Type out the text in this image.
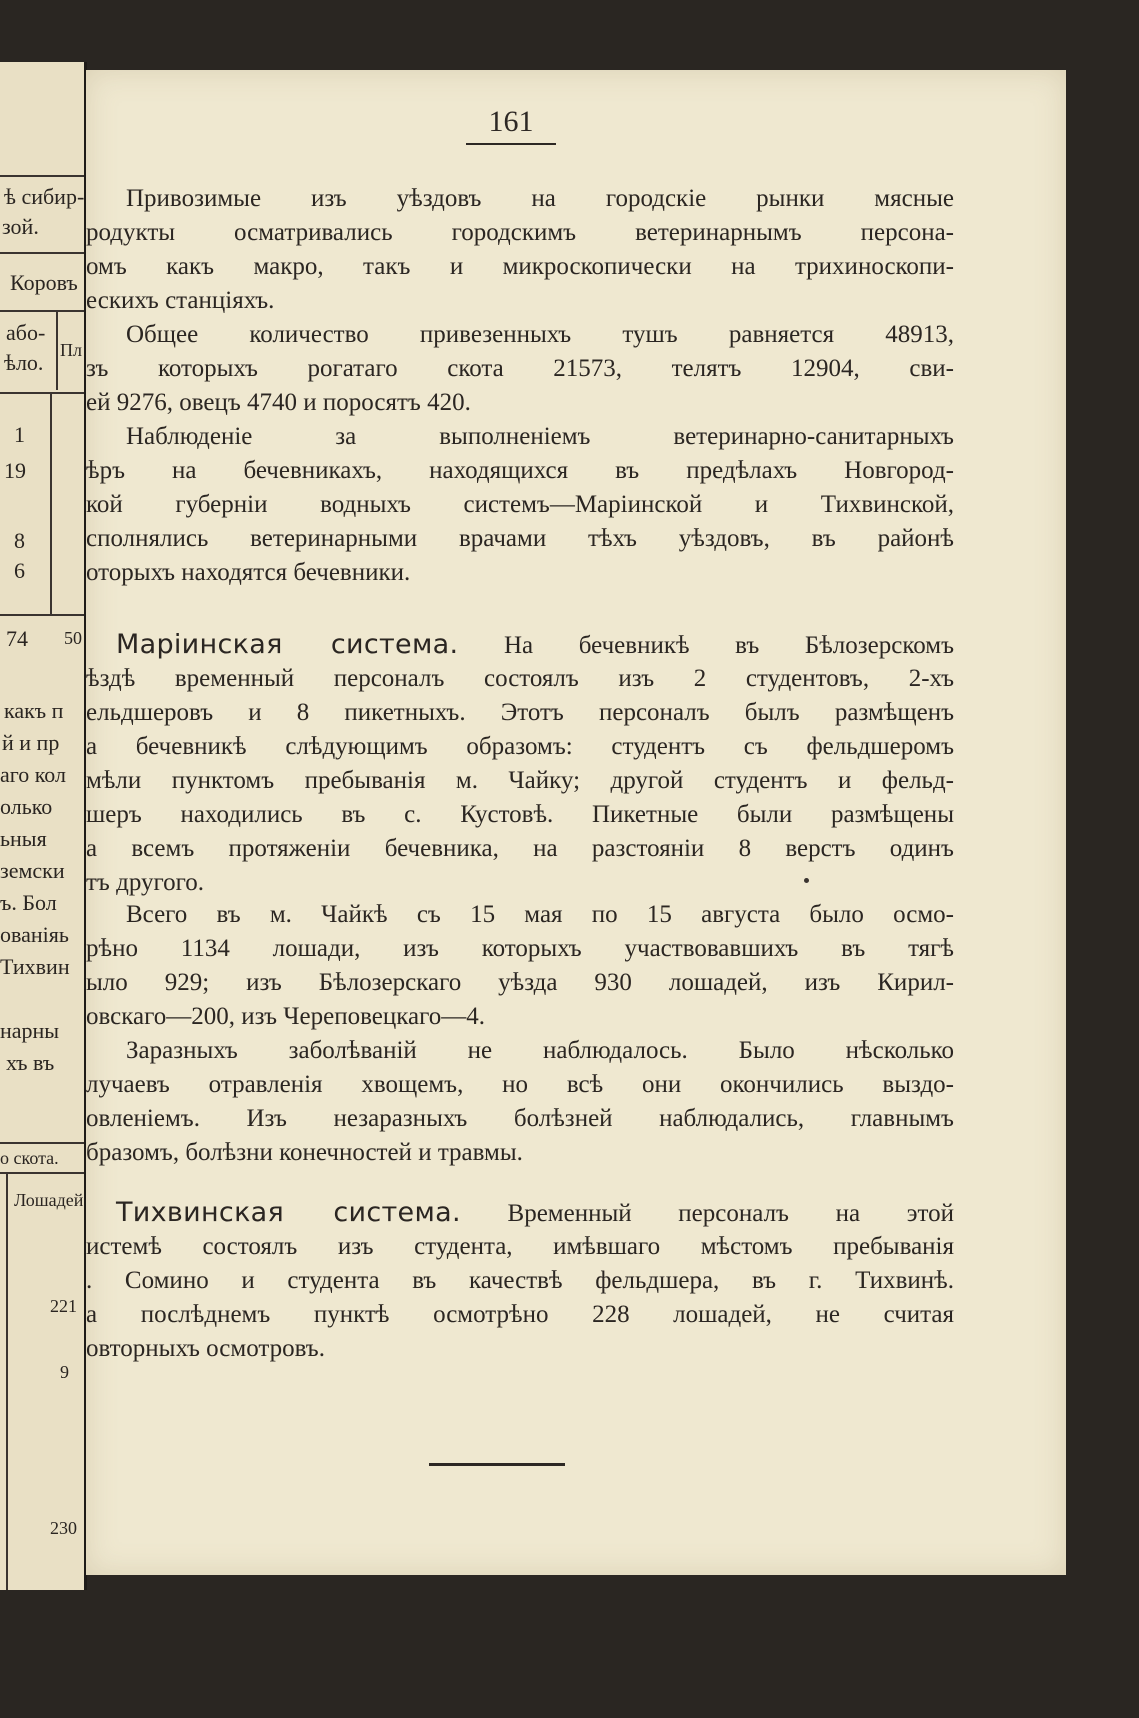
ѣ сибир-
зой.
Коровъ
або-
ѣло. Пл
1
19
8
6
74 50
какъ п
й и пр
аго кол
олько
ьныя
земски
ъ. Бол
ованіяь
Тихвин
нарны
хъ въ
о скота.
Лошадей
221
9
230
161
Привозимые изъ уѣздовъ на городскіе рынки мясные
родукты осматривались городскимъ ветеринарнымъ персона-
омъ какъ макро, такъ и микроскопически на трихиноскопи-
ескихъ станціяхъ.
Общее количество привезенныхъ тушъ равняется 48913,
зъ которыхъ рогатаго скота 21573, телятъ 12904, сви-
ей 9276, овецъ 4740 и поросятъ 420.
Наблюденіе за выполненіемъ ветеринарно-санитарныхъ
ѣръ на бечевникахъ, находящихся въ предѣлахъ Новгород-
кой губерніи водныхъ системъ—Маріинской и Тихвинской,
сполнялись ветеринарными врачами тѣхъ уѣздовъ, въ районѣ
оторыхъ находятся бечевники.
Маріинская система. На бечевникѣ въ Бѣлозерскомъ
ѣздѣ временный персоналъ состоялъ изъ 2 студентовъ, 2-хъ
ельдшеровъ и 8 пикетныхъ. Этотъ персоналъ былъ размѣщенъ
а бечевникѣ слѣдующимъ образомъ: студентъ съ фельдшеромъ
мѣли пунктомъ пребыванія м. Чайку; другой студентъ и фельд-
шеръ находились въ с. Кустовѣ. Пикетные были размѣщены
а всемъ протяженіи бечевника, на разстояніи 8 верстъ одинъ
тъ другого.
Всего въ м. Чайкѣ съ 15 мая по 15 августа было осмо-
рѣно 1134 лошади, изъ которыхъ участвовавшихъ въ тягѣ
ыло 929; изъ Бѣлозерскаго уѣзда 930 лошадей, изъ Кирил-
овскаго—200, изъ Череповецкаго—4.
Заразныхъ заболѣваній не наблюдалось. Было нѣсколько
лучаевъ отравленія хвощемъ, но всѣ они окончились выздо-
овленіемъ. Изъ незаразныхъ болѣзней наблюдались, главнымъ
бразомъ, болѣзни конечностей и травмы.
Тихвинская система. Временный персоналъ на этой
истемѣ состоялъ изъ студента, имѣвшаго мѣстомъ пребыванія
. Сомино и студента въ качествѣ фельдшера, въ г. Тихвинѣ.
а послѣднемъ пунктѣ осмотрѣно 228 лошадей, не считая
овторныхъ осмотровъ.
